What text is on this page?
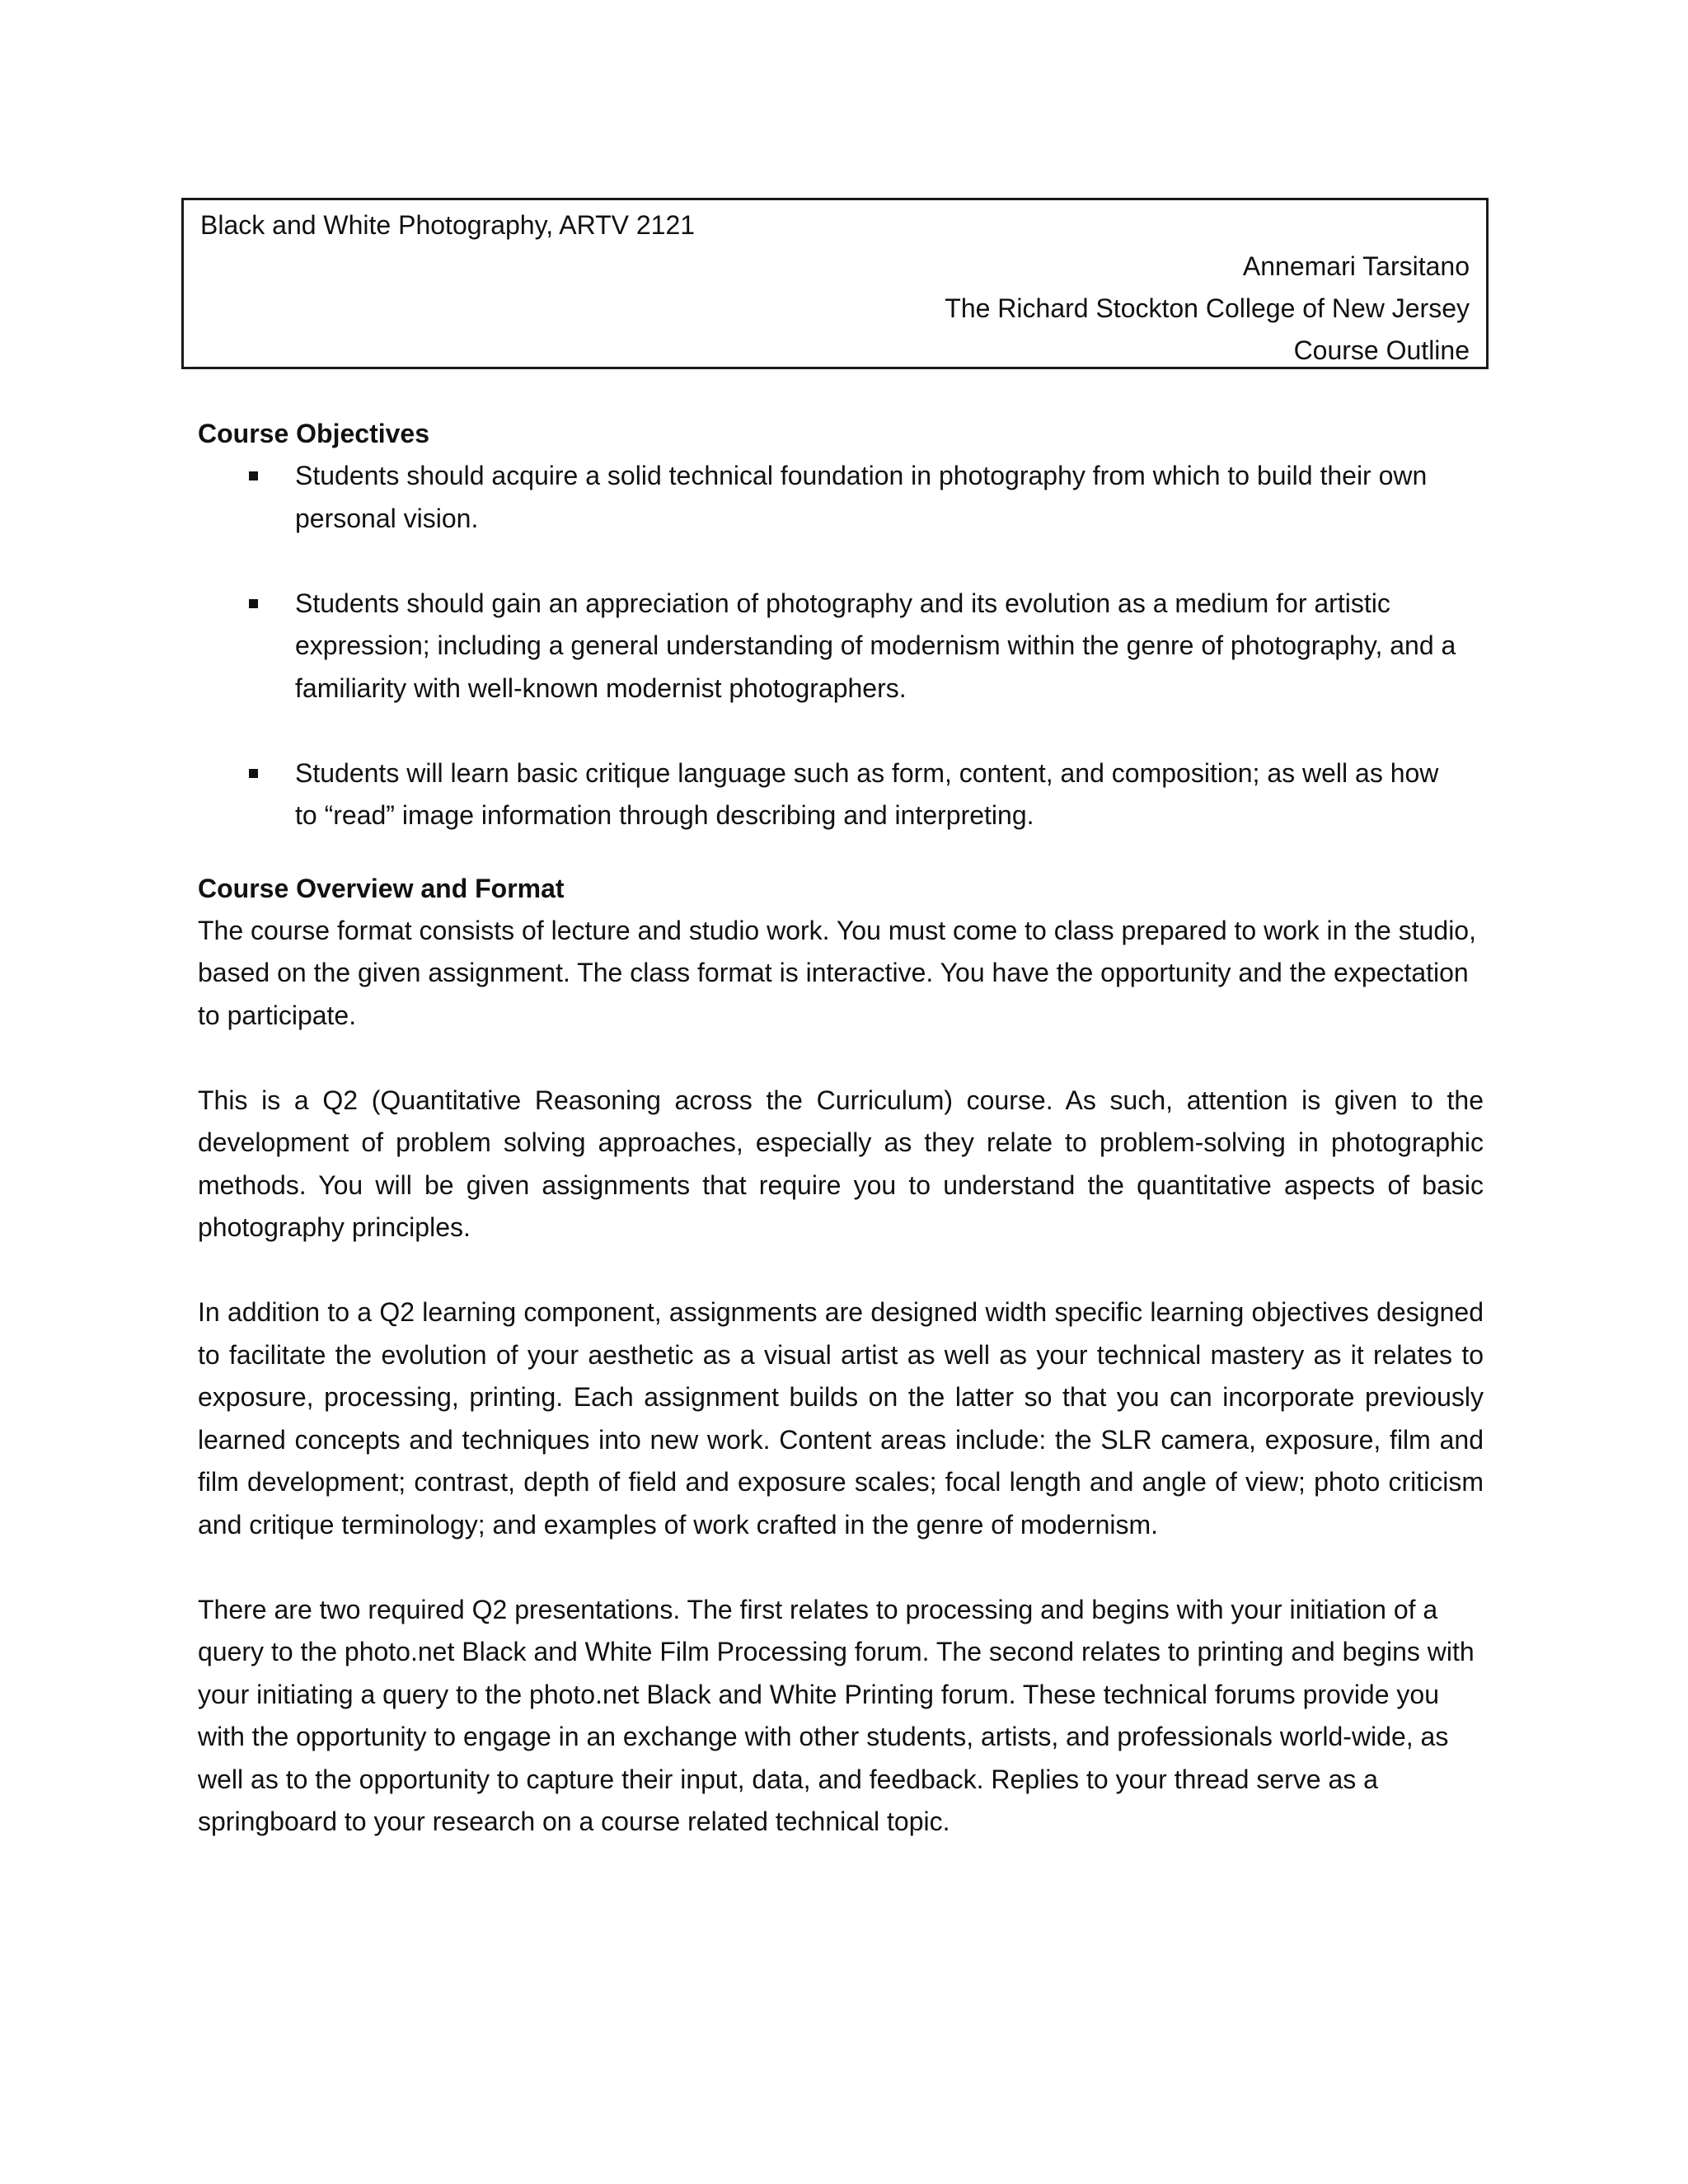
Black and White Photography, ARTV 2121
Annemari Tarsitano
The Richard Stockton College of New Jersey
Course Outline
Course Objectives
Students should acquire a solid technical foundation in photography from which to build their own personal vision.
Students should gain an appreciation of photography and its evolution as a medium for artistic expression; including a general understanding of modernism within the genre of photography, and a familiarity with well-known modernist photographers.
Students will learn basic critique language such as form, content, and composition; as well as how to “read” image information through describing and interpreting.
Course Overview and Format

The course format consists of lecture and studio work. You must come to class prepared to work in the studio, based on the given assignment. The class format is interactive. You have the opportunity and the expectation to participate.

This is a Q2 (Quantitative Reasoning across the Curriculum) course. As such, attention is given to the development of problem solving approaches, especially as they relate to problem-solving in photographic methods. You will be given assignments that require you to understand the quantitative aspects of basic photography principles.

In addition to a Q2 learning component, assignments are designed width specific learning objectives designed to facilitate the evolution of your aesthetic as a visual artist as well as your technical mastery as it relates to exposure, processing, printing. Each assignment builds on the latter so that you can incorporate previously learned concepts and techniques into new work. Content areas include: the SLR camera, exposure, film and film development; contrast, depth of field and exposure scales; focal length and angle of view; photo criticism and critique terminology; and examples of work crafted in the genre of modernism.

There are two required Q2 presentations. The first relates to processing and begins with your initiation of a query to the photo.net Black and White Film Processing forum. The second relates to printing and begins with your initiating a query to the photo.net Black and White Printing forum. These technical forums provide you with the opportunity to engage in an exchange with other students, artists, and professionals world-wide, as well as to the opportunity to capture their input, data, and feedback. Replies to your thread serve as a springboard to your research on a course related technical topic.
